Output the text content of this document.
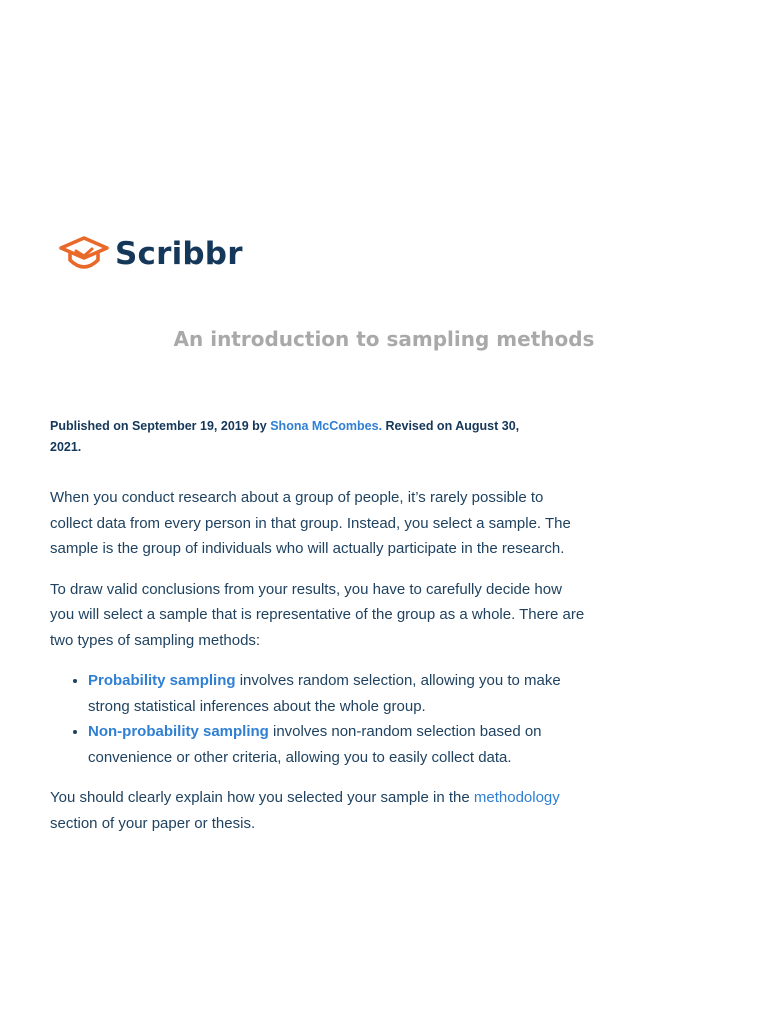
Scribbr
An introduction to sampling methods

Published on September 19, 2019 by Shona McCombes. Revised on August 30, 2021.

When you conduct research about a group of people, it’s rarely possible to collect data from every person in that group. Instead, you select a sample. The sample is the group of individuals who will actually participate in the research.

To draw valid conclusions from your results, you have to carefully decide how you will select a sample that is representative of the group as a whole. There are two types of sampling methods:

• Probability sampling involves random selection, allowing you to make strong statistical inferences about the whole group.
• Non-probability sampling involves non-random selection based on convenience or other criteria, allowing you to easily collect data.

You should clearly explain how you selected your sample in the methodology section of your paper or thesis.
